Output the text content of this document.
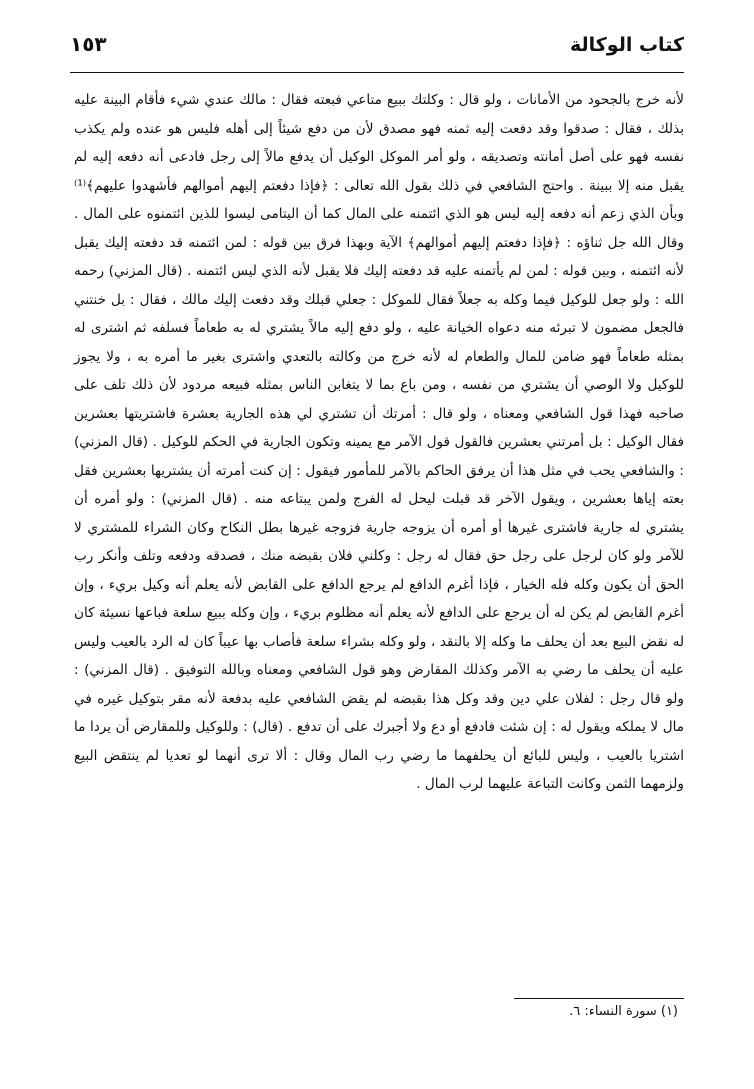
كتاب الوكالة
١٥٣

لأنه خرج بالجحود من الأمانات ، ولو قال : وكلتك ببيع متاعي فبعته فقال : مالك عندي شيء فأقام البينة عليه بذلك ، فقال : صدقوا وقد دفعت إليه ثمنه فهو مصدق لأن من دفع شيئاً إلى أهله فليس هو عنده ولم يكذب نفسه فهو على أصل أمانته وتصديقه ، ولو أمر الموكل الوكيل أن يدفع مالاً إلى رجل فادعى أنه دفعه إليه لم يقبل منه إلا ببينة . واحتج الشافعي في ذلك بقول الله تعالى : ﴿فإذا دفعتم إليهم أموالهم فأشهدوا عليهم﴾⁽¹⁾ وبأن الذي زعم أنه دفعه إليه ليس هو الذي ائتمنه على المال كما أن اليتامى ليسوا للذين ائتمنوه على المال . وقال الله جل ثناؤه : ﴿فإذا دفعتم إليهم أموالهم﴾ الآية وبهذا فرق بين قوله : لمن ائتمنه قد دفعته إليك يقبل لأنه ائتمنه ، وبين قوله : لمن لم يأتمنه عليه قد دفعته إليك فلا يقبل لأنه الذي ليس ائتمنه . (قال المزني) رحمه الله : ولو جعل للوكيل فيما وكله به جعلاً فقال للموكل : جعلي قبلك وقد دفعت إليك مالك ، فقال : بل خنتني فالجعل مضمون لا تبرئه منه دعواه الخيانة عليه ، ولو دفع إليه مالاً يشتري له به طعاماً فسلفه ثم اشترى له بمثله طعاماً فهو ضامن للمال والطعام له لأنه خرج من وكالته بالتعدي واشترى بغير ما أمره به ، ولا يجوز للوكيل ولا الوصي أن يشتري من نفسه ، ومن باع بما لا يتغابن الناس بمثله فبيعه مردود لأن ذلك تلف على صاحبه فهذا قول الشافعي ومعناه ، ولو قال : أمرتك أن تشتري لي هذه الجارية بعشرة فاشتريتها بعشرين فقال الوكيل : بل أمرتني بعشرين فالقول قول الآمر مع يمينه وتكون الجارية في الحكم للوكيل . (قال المزني) : والشافعي يحب في مثل هذا أن يرفق الحاكم بالآمر للمأمور فيقول : إن كنت أمرته أن يشتريها بعشرين فقل بعته إياها بعشرين ، ويقول الآخر قد قبلت ليحل له الفرج ولمن يبتاعه منه . (قال المزني) : ولو أمره أن يشتري له جارية فاشترى غيرها أو أمره أن يزوجه جارية فزوجه غيرها بطل النكاح وكان الشراء للمشتري لا للآمر ولو كان لرجل على رجل حق فقال له رجل : وكلني فلان بقبضه منك ، فصدقه ودفعه وتلف وأنكر رب الحق أن يكون وكله فله الخيار ، فإذا أغرم الدافع لم يرجع الدافع على القابض لأنه يعلم أنه وكيل بريء ، وإن أغرم القابض لم يكن له أن يرجع على الدافع لأنه يعلم أنه مظلوم بريء ، وإن وكله ببيع سلعة فباعها نسيئة كان له نقض البيع بعد أن يحلف ما وكله إلا بالنقد ، ولو وكله بشراء سلعة فأصاب بها عيباً كان له الرد بالعيب وليس عليه أن يحلف ما رضي به الآمر وكذلك المقارض وهو قول الشافعي ومعناه وبالله التوفيق . (قال المزني) : ولو قال رجل : لفلان علي دين وقد وكل هذا بقبضه لم يقض الشافعي عليه بدفعة لأنه مقر بتوكيل غيره في مال لا يملكه ويقول له : إن شئت فادفع أو دع ولا أجبرك على أن تدفع . (قال) : وللوكيل وللمقارض أن يردا ما اشتريا بالعيب ، وليس للبائع أن يحلفهما ما رضي رب المال وقال : ألا ترى أنهما لو تعديا لم ينتقض البيع ولزمهما الثمن وكانت التباعة عليهما لرب المال .

(١) سورة النساء: ٦.
